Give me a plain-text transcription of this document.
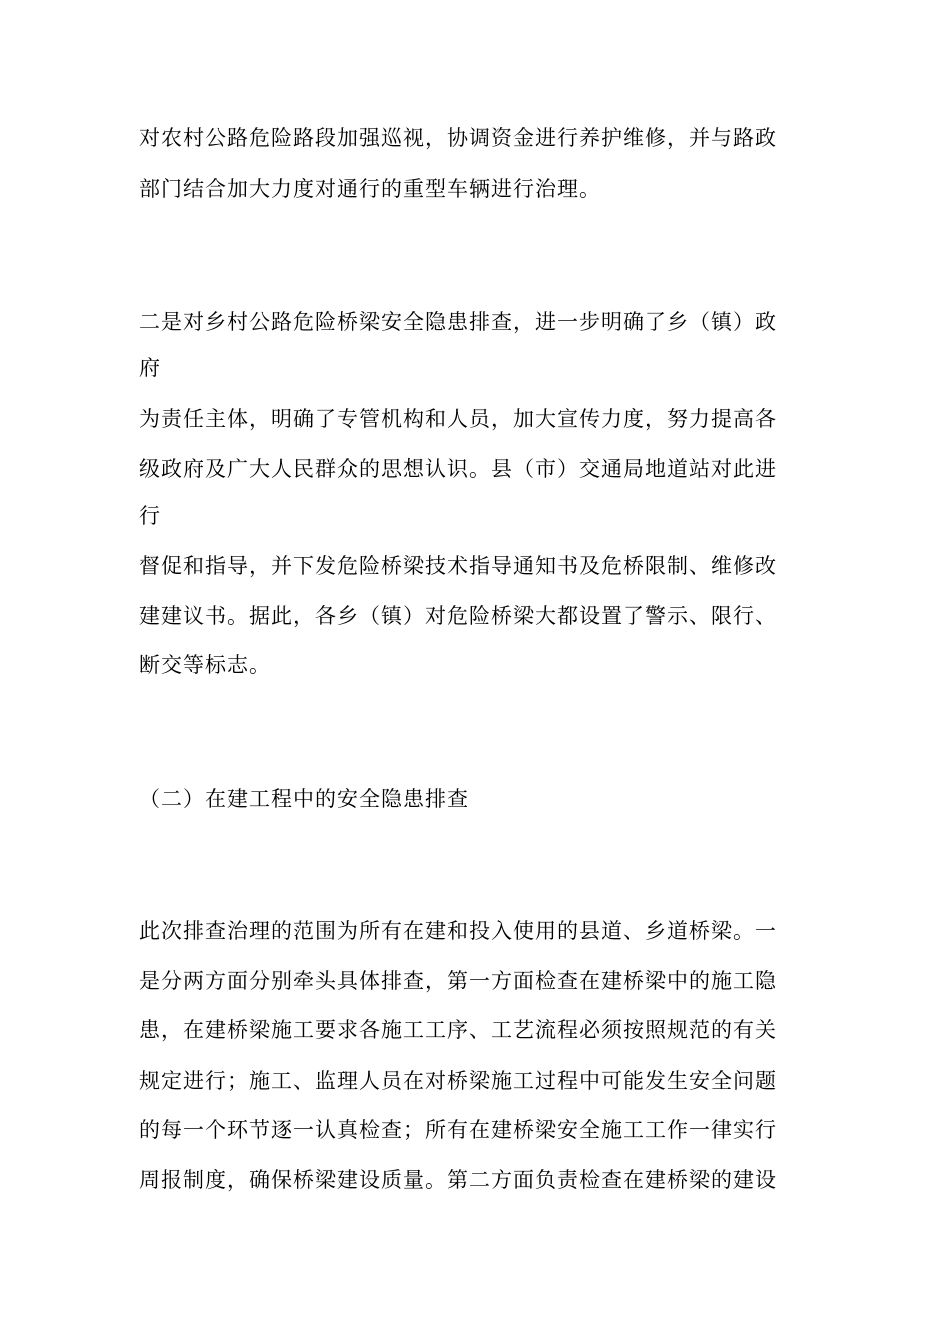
对农村公路危险路段加强巡视，协调资金进行养护维修，并与路政

部门结合加大力度对通行的重型车辆进行治理。

二是对乡村公路危险桥梁安全隐患排查，进一步明确了乡（镇）政

府

为责任主体，明确了专管机构和人员，加大宣传力度，努力提高各

级政府及广大人民群众的思想认识。县（市）交通局地道站对此进

行

督促和指导，并下发危险桥梁技术指导通知书及危桥限制、维修改

建建议书。据此，各乡（镇）对危险桥梁大都设置了警示、限行、

断交等标志。

（二）在建工程中的安全隐患排查

此次排查治理的范围为所有在建和投入使用的县道、乡道桥梁。一

是分两方面分别牵头具体排查，第一方面检查在建桥梁中的施工隐

患，在建桥梁施工要求各施工工序、工艺流程必须按照规范的有关

规定进行；施工、监理人员在对桥梁施工过程中可能发生安全问题

的每一个环节逐一认真检查；所有在建桥梁安全施工工作一律实行

周报制度，确保桥梁建设质量。第二方面负责检查在建桥梁的建设
